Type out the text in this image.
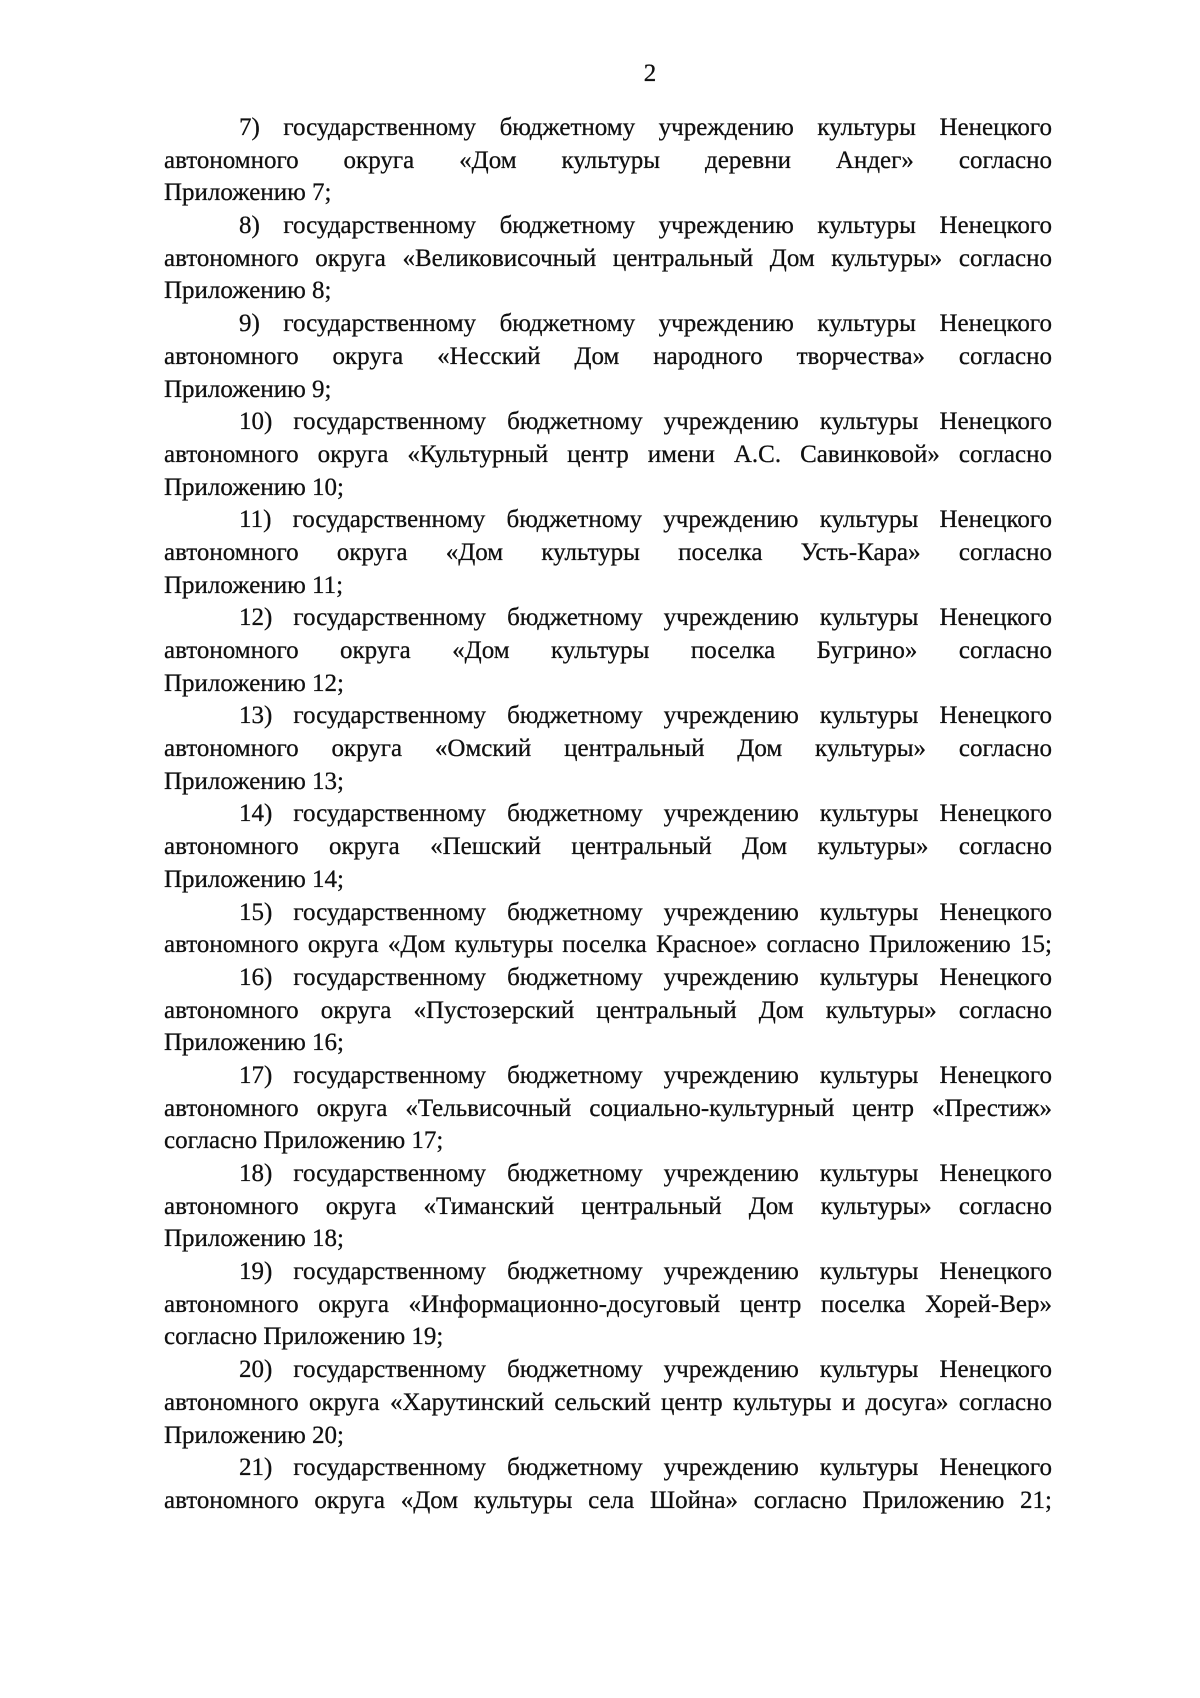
2
7) государственному бюджетному учреждению культуры Ненецкого
автономного округа «Дом культуры деревни Андег» согласно
Приложению 7;
8) государственному бюджетному учреждению культуры Ненецкого
автономного округа «Великовисочный центральный Дом культуры» согласно
Приложению 8;
9) государственному бюджетному учреждению культуры Ненецкого
автономного округа «Несский Дом народного творчества» согласно
Приложению 9;
10) государственному бюджетному учреждению культуры Ненецкого
автономного округа «Культурный центр имени А.С. Савинковой» согласно
Приложению 10;
11) государственному бюджетному учреждению культуры Ненецкого
автономного округа «Дом культуры поселка Усть-Кара» согласно
Приложению 11;
12) государственному бюджетному учреждению культуры Ненецкого
автономного округа «Дом культуры поселка Бугрино» согласно
Приложению 12;
13) государственному бюджетному учреждению культуры Ненецкого
автономного округа «Омский центральный Дом культуры» согласно
Приложению 13;
14) государственному бюджетному учреждению культуры Ненецкого
автономного округа «Пешский центральный Дом культуры» согласно
Приложению 14;
15) государственному бюджетному учреждению культуры Ненецкого
автономного округа «Дом культуры поселка Красное» согласно Приложению 15;
16) государственному бюджетному учреждению культуры Ненецкого
автономного округа «Пустозерский центральный Дом культуры» согласно
Приложению 16;
17) государственному бюджетному учреждению культуры Ненецкого
автономного округа «Тельвисочный социально-культурный центр «Престиж»
согласно Приложению 17;
18) государственному бюджетному учреждению культуры Ненецкого
автономного округа «Тиманский центральный Дом культуры» согласно
Приложению 18;
19) государственному бюджетному учреждению культуры Ненецкого
автономного округа «Информационно-досуговый центр поселка Хорей-Вер»
согласно Приложению 19;
20) государственному бюджетному учреждению культуры Ненецкого
автономного округа «Харутинский сельский центр культуры и досуга» согласно
Приложению 20;
21) государственному бюджетному учреждению культуры Ненецкого
автономного округа «Дом культуры села Шойна» согласно Приложению 21;
